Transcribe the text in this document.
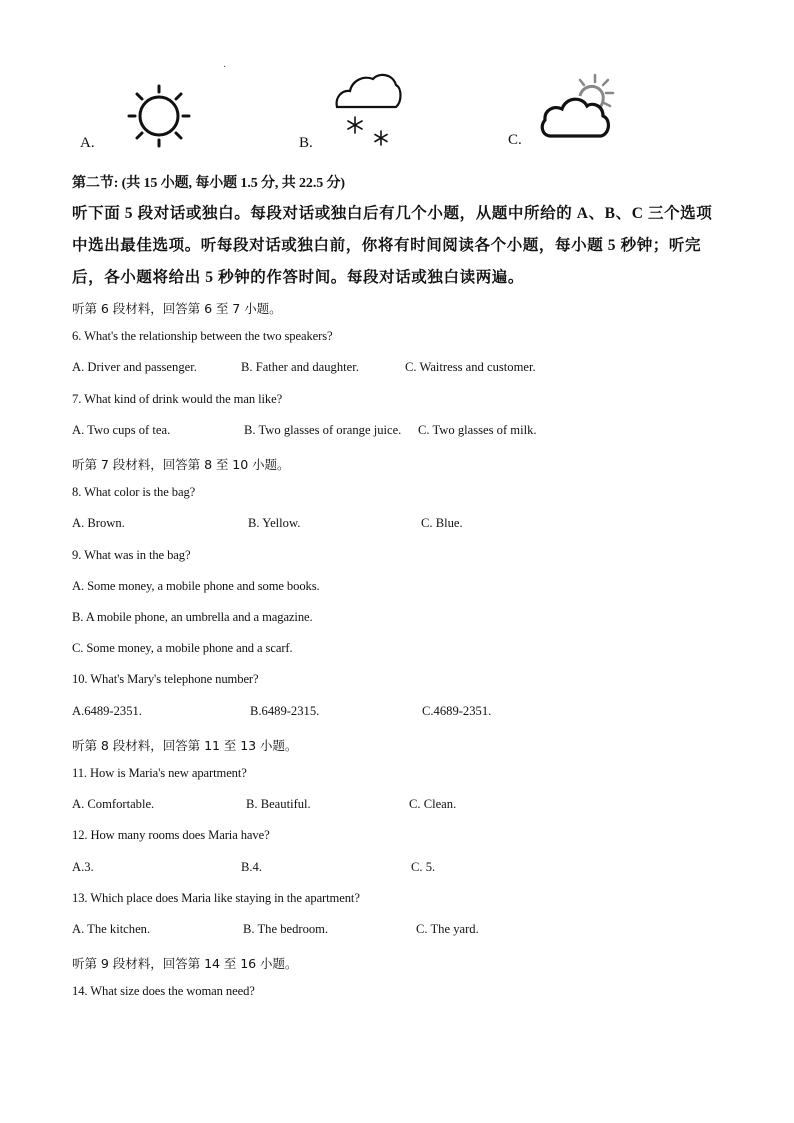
·
A.	B.	C.
第二节: (共 15 小题, 每小题 1.5 分, 共 22.5 分)
听下面 5 段对话或独白。每段对话或独白后有几个小题，从题中所给的 A、B、C 三个选项
中选出最佳选项。听每段对话或独白前，你将有时间阅读各个小题，每小题 5 秒钟；听完
后，各小题将给出 5 秒钟的作答时间。每段对话或独白读两遍。
听第 6 段材料，回答第 6 至 7 小题。
6. What's the relationship between the two speakers?
A. Driver and passenger.	B. Father and daughter.	C. Waitress and customer.
7. What kind of drink would the man like?
A. Two cups of tea.	B. Two glasses of orange juice. C. Two glasses of milk.
听第 7 段材料，回答第 8 至 10 小题。
8. What color is the bag?
A. Brown.	B. Yellow.	C. Blue.
9. What was in the bag?
A. Some money, a mobile phone and some books.
B. A mobile phone, an umbrella and a magazine.
C. Some money, a mobile phone and a scarf.
10. What's Mary's telephone number?
A.6489-2351.	B.6489-2315.	C.4689-2351.
听第 8 段材料，回答第 11 至 13 小题。
11. How is Maria's new apartment?
A. Comfortable.	B. Beautiful.	C. Clean.
12. How many rooms does Maria have?
A.3.	B.4.	C. 5.
13. Which place does Maria like staying in the apartment?
A. The kitchen.	B. The bedroom.	C. The yard.
听第 9 段材料，回答第 14 至 16 小题。
14. What size does the woman need?
